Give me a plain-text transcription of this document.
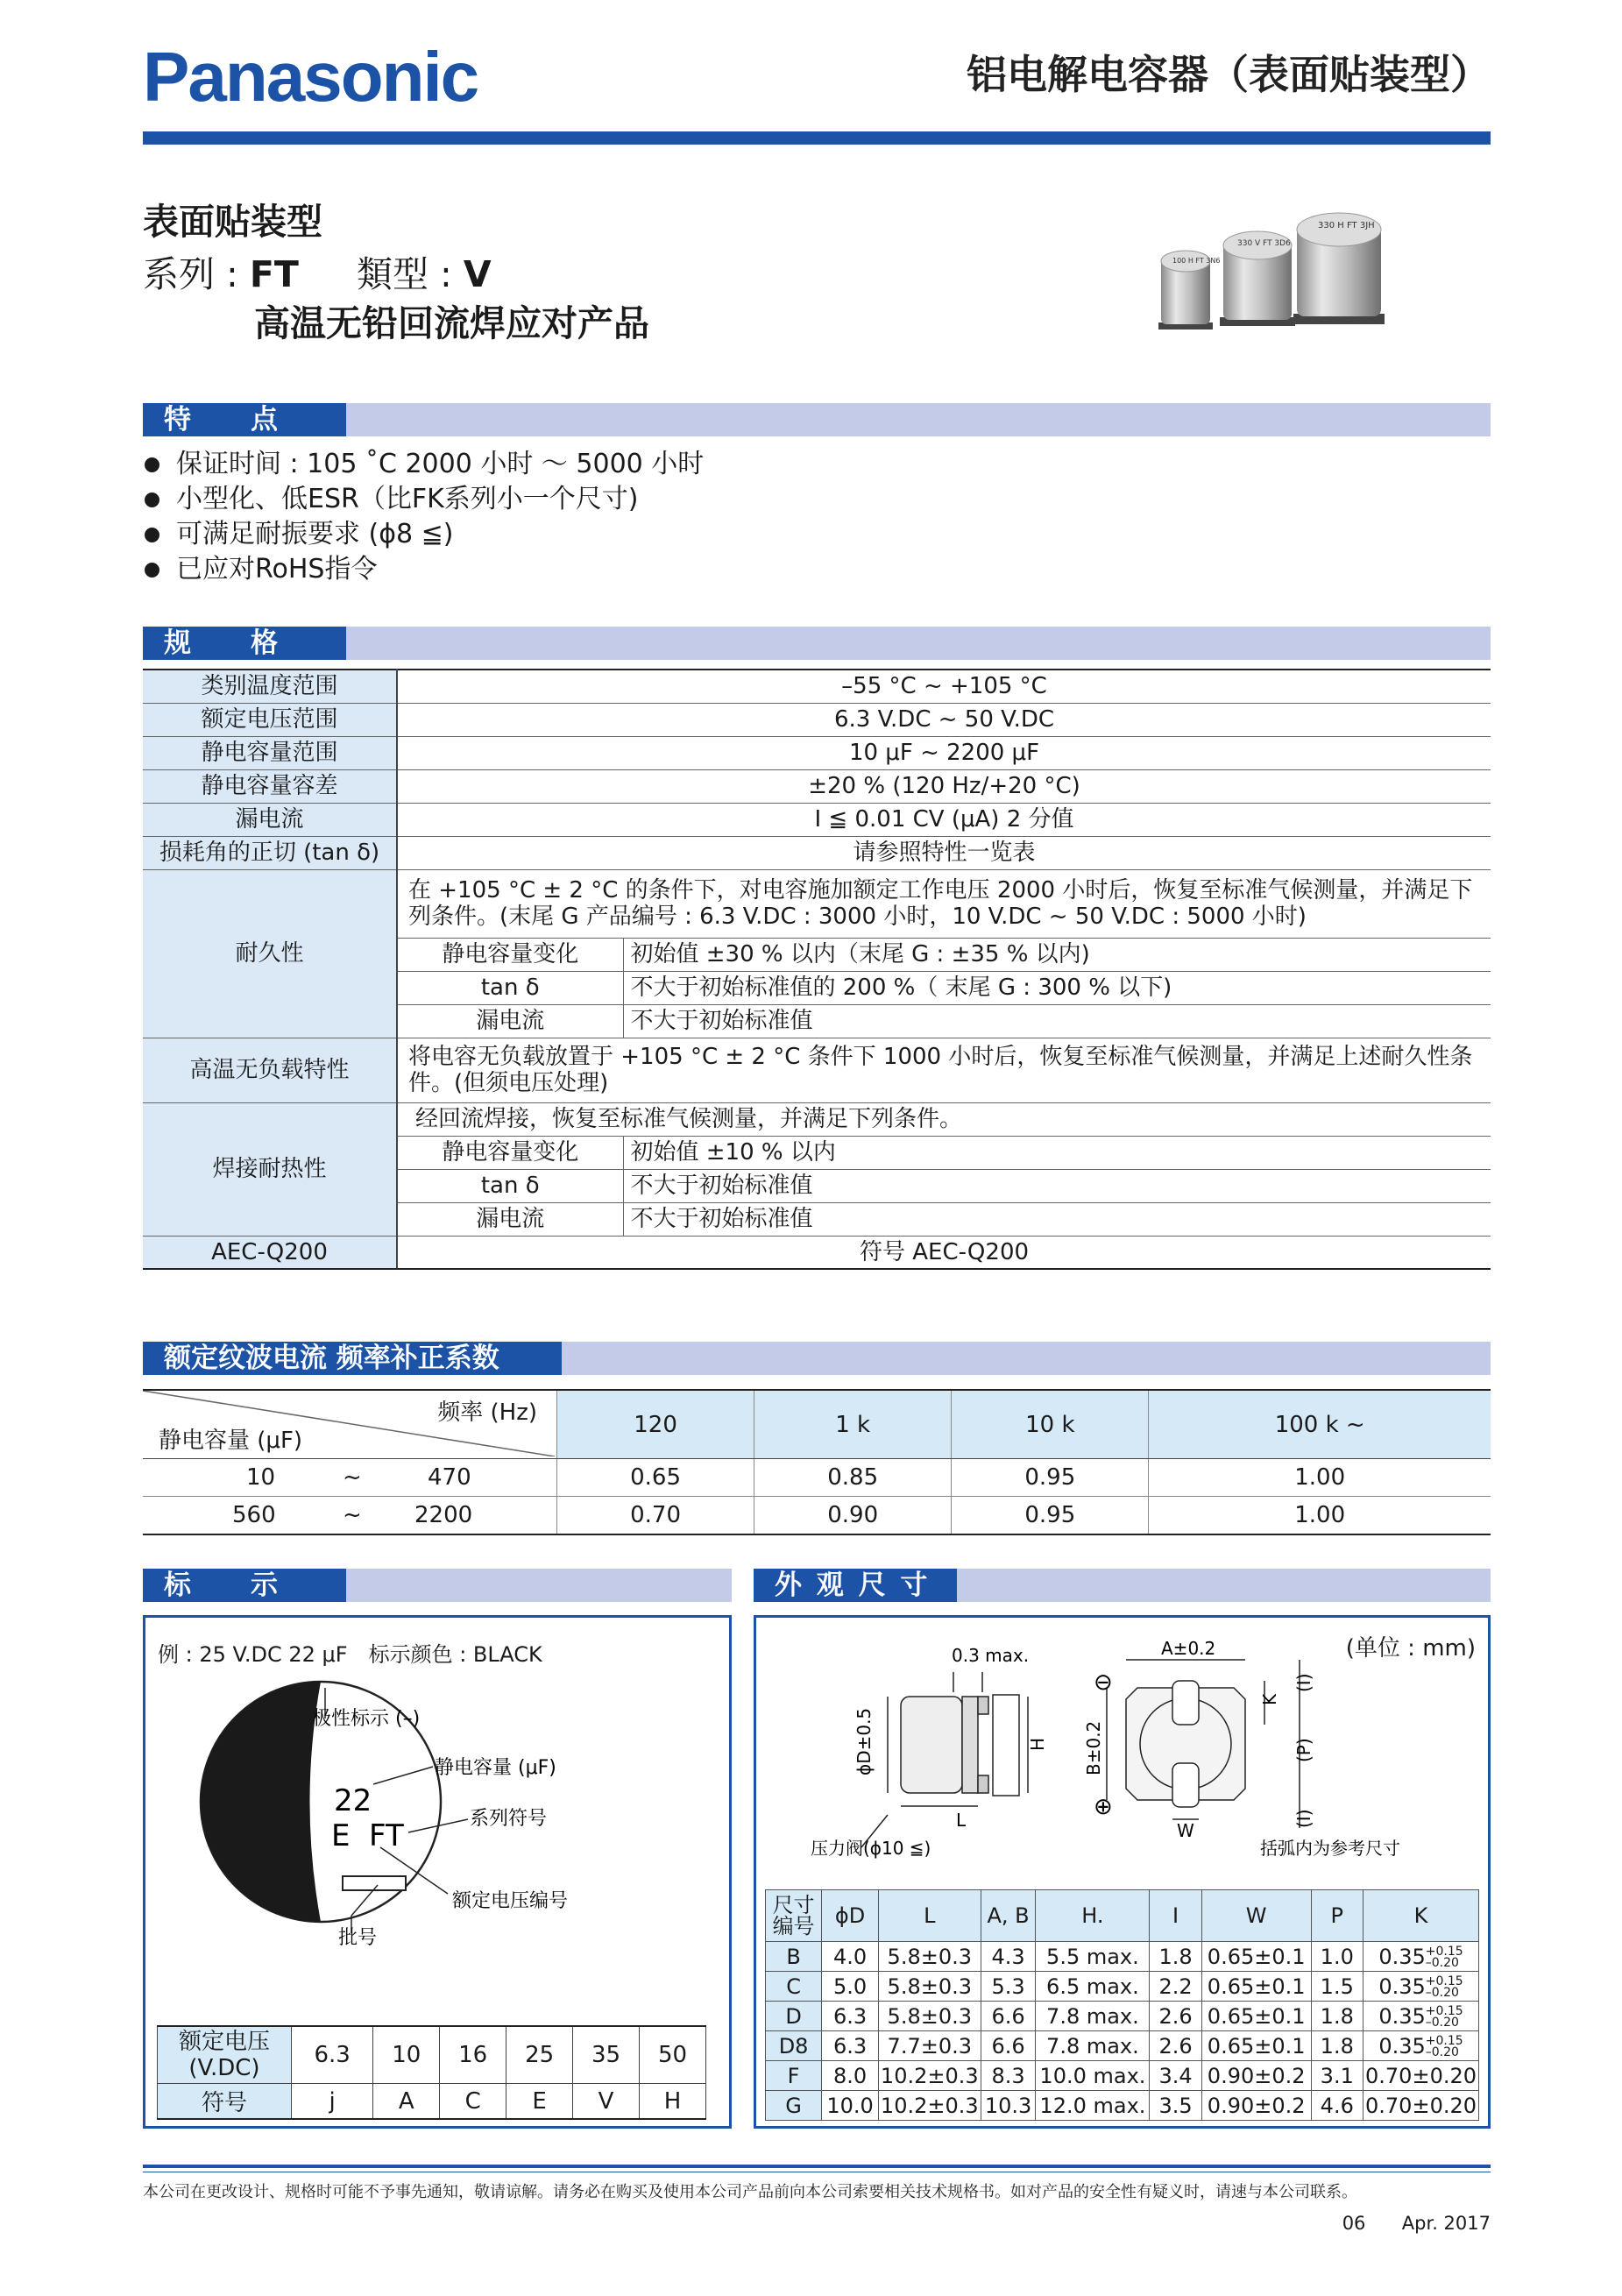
Panasonic	铝电解电容器（表面贴装型）
表面贴装型
系列 : FT 類型 : V
高温无铅回流焊应对产品
100 H FT 3N6
330 V FT 3D6
330 H FT 3JH
特　　点
保证时间 : 105 ˚C 2000 小时 ～ 5000 小时
小型化、低ESR（比FK系列小一个尺寸)
可满足耐振要求 (ϕ8 ≦)
已应对RoHS指令
规　　格
类别温度范围	–55 °C ~ +105 °C	
额定电压范围	6.3 V.DC ~ 50 V.DC	
静电容量范围	10 μF ~ 2200 μF	
静电容量容差	±20 % (120 Hz/+20 °C)	
漏电流	I ≦ 0.01 CV (μA) 2 分值	
损耗角的正切 (tan δ)	请参照特性一览表	
耐久性	在 +105 °C ± 2 °C 的条件下，对电容施加额定工作电压 2000 小时后，恢复至标准气候测量，并满足下列条件。(末尾 G 产品编号 : 6.3 V.DC : 3000 小时，10 V.DC ~ 50 V.DC : 5000 小时)	
	静电容量变化	初始值 ±30 % 以内（末尾 G : ±35 % 以内)
	tan δ	不大于初始标准值的 200 %（ 末尾 G : 300 % 以下)
	漏电流	不大于初始标准值
高温无负载特性	将电容无负载放置于 +105 °C ± 2 °C 条件下 1000 小时后，恢复至标准气候测量，并满足上述耐久性条件。(但须电压处理)	
焊接耐热性	经回流焊接，恢复至标准气候测量，并满足下列条件。	
	静电容量变化	初始值 ±10 % 以内
	tan δ	不大于初始标准值
	漏电流	不大于初始标准值
AEC-Q200	符号 AEC-Q200	
额定纹波电流 频率补正系数
频率 (Hz)
静电容量 (μF)	120	1 k	10 k	100 k ~

10 ~ 470	0.65	0.85	0.95	1.00

560 ~ 2200	0.70	0.90	0.95	1.00
标　　示
例 : 25 V.DC 22 μF　标示颜色 : BLACK
22
E FT
极性标示 (–)
静电容量 (μF)
系列符号
额定电压编号
批号
额定电压 (V.DC)	6.3	10	16	25	35	50
符号	j	A	C	E	V	H
外 观 尺 寸
(单位 : mm)
0.3 max.
ϕD±0.5	H
L
压力阀(ϕ10 ≦)
A±0.2
B±0.2
K
(I)
(P)
(I)
W
⊖
⊕
括弧内为参考尺寸
尺寸编号	ϕD	L	A, B	H.	I	W	P	K
B	4.0	5.8±0.3	4.3	5.5 max.	1.8	0.65±0.1	1.0	0.35+0.15
–0.20
C	5.0	5.8±0.3	5.3	6.5 max.	2.2	0.65±0.1	1.5	0.35+0.15
–0.20
D	6.3	5.8±0.3	6.6	7.8 max.	2.6	0.65±0.1	1.8	0.35+0.15
–0.20
D8	6.3	7.7±0.3	6.6	7.8 max.	2.6	0.65±0.1	1.8	0.35+0.15
–0.20
F	8.0	10.2±0.3	8.3	10.0 max.	3.4	0.90±0.2	3.1	0.70±0.20
G	10.0	10.2±0.3	10.3	12.0 max.	3.5	0.90±0.2	4.6	0.70±0.20
本公司在更改设计、规格时可能不予事先通知，敬请谅解。请务必在购买及使用本公司产品前向本公司索要相关技术规格书。如对产品的安全性有疑义时，请速与本公司联系。
06 Apr. 2017
